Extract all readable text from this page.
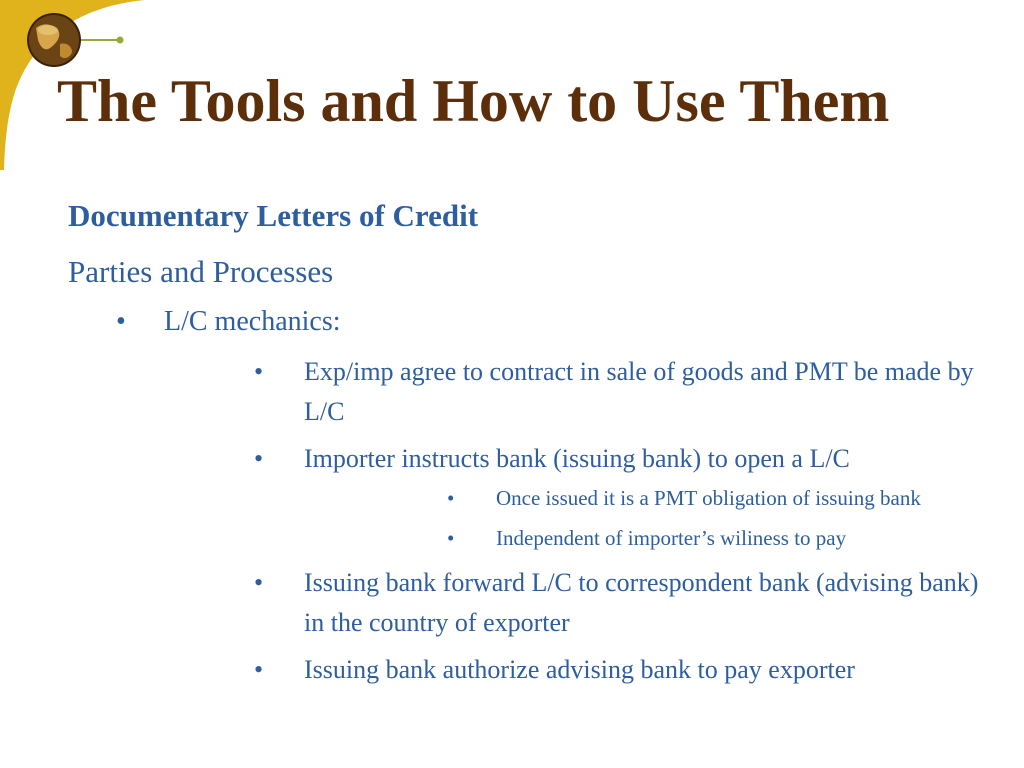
The Tools and How to Use Them
Documentary Letters of Credit
Parties and Processes
• L/C mechanics:
• Exp/imp agree to contract in sale of goods and PMT be made by L/C
• Importer instructs bank (issuing bank) to open a L/C
• Once issued it is a PMT obligation of issuing bank
• Independent of importer’s wiliness to pay
• Issuing bank forward L/C to correspondent bank (advising bank) in the country of exporter
• Issuing bank authorize advising bank to pay exporter
